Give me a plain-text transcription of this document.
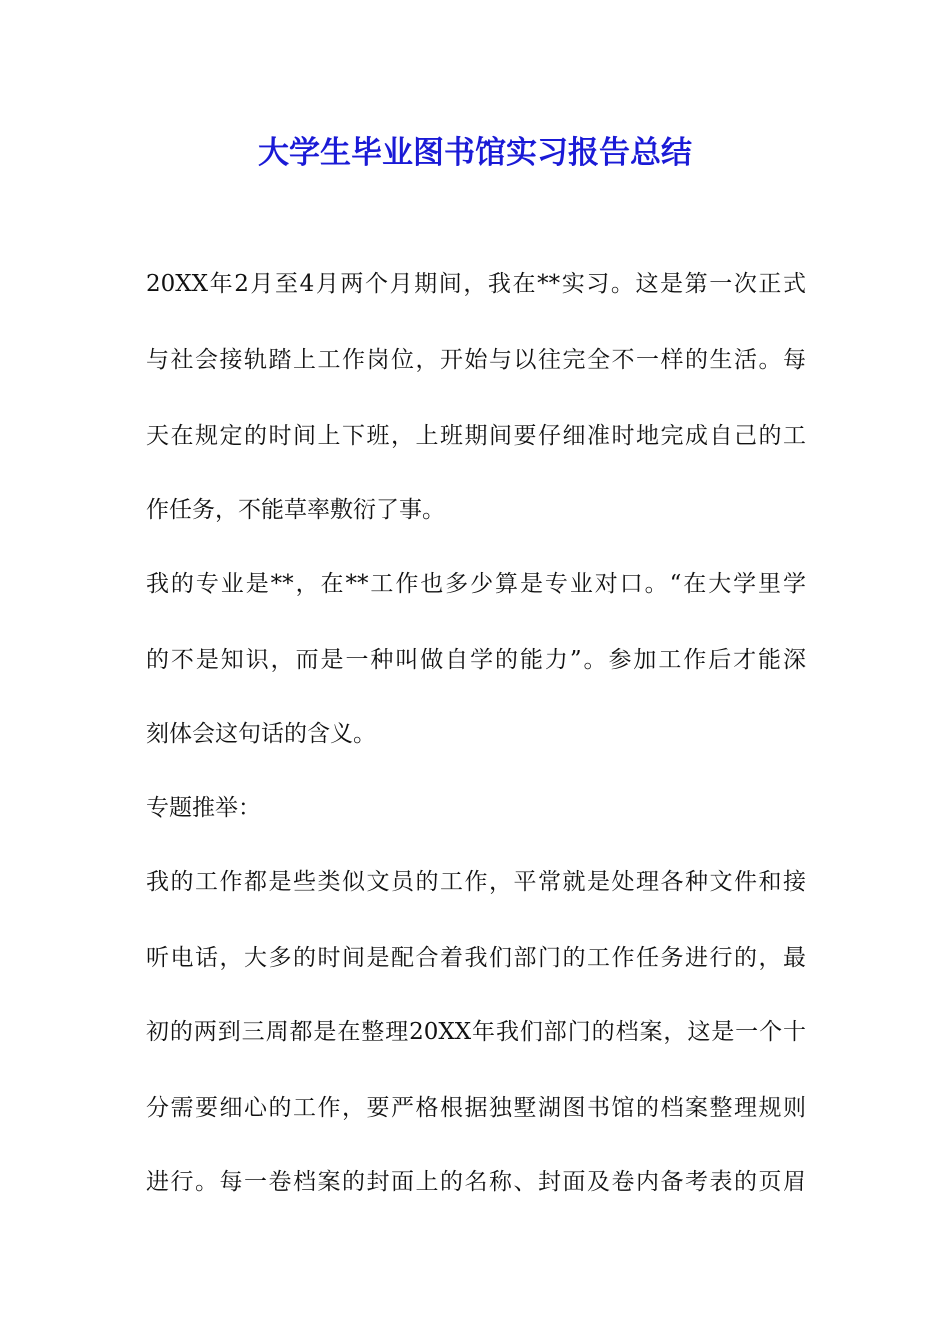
大学生毕业图书馆实习报告总结
20XX年2月至4月两个月期间，我在**实习。这是第一次正式
与社会接轨踏上工作岗位，开始与以往完全不一样的生活。每
天在规定的时间上下班，上班期间要仔细准时地完成自己的工
作任务，不能草率敷衍了事。
我的专业是**，在**工作也多少算是专业对口。“在大学里学
的不是知识，而是一种叫做自学的能力”。参加工作后才能深
刻体会这句话的含义。
专题推举：
我的工作都是些类似文员的工作，平常就是处理各种文件和接
听电话，大多的时间是配合着我们部门的工作任务进行的，最
初的两到三周都是在整理20XX年我们部门的档案，这是一个十
分需要细心的工作，要严格根据独墅湖图书馆的档案整理规则
进行。每一卷档案的封面上的名称、封面及卷内备考表的页眉
